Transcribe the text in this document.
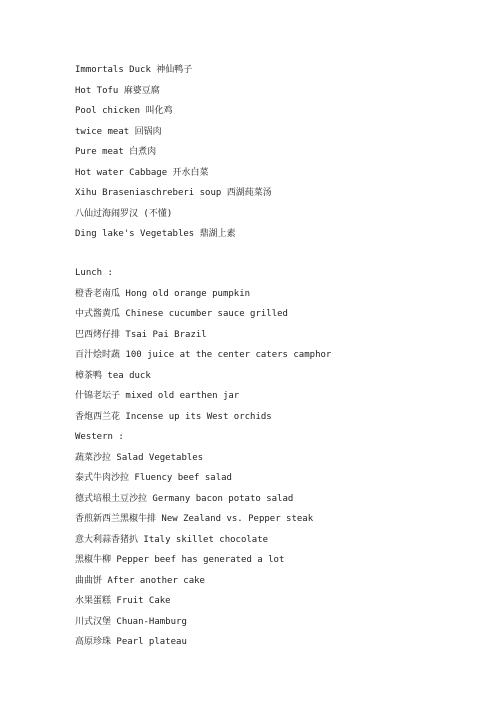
Immortals Duck 神仙鸭子
Hot Tofu 麻婆豆腐
Pool chicken 叫化鸡
twice meat 回锅肉
Pure meat 白煮肉
Hot water Cabbage 开水白菜
Xihu Braseniaschreberi soup 西湖莼菜汤
八仙过海闹罗汉 (不懂)
Ding lake's Vegetables 鼎湖上素
Lunch :
橙香老南瓜 Hong old orange pumpkin
中式酱黄瓜 Chinese cucumber sauce grilled
巴西烤仔排 Tsai Pai Brazil
百汁烩时蔬 100 juice at the center caters camphor
樟茶鸭 tea duck
什锦老坛子 mixed old earthen jar
香炮西兰花 Incense up its West orchids
Western :
蔬菜沙拉 Salad Vegetables
泰式牛肉沙拉 Fluency beef salad
德式培根土豆沙拉 Germany bacon potato salad
香煎新西兰黑椒牛排 New Zealand vs. Pepper steak
意大利蒜香猪扒 Italy skillet chocolate
黑椒牛柳 Pepper beef has generated a lot
曲曲饼 After another cake
水果蛋糕 Fruit Cake
川式汉堡 Chuan-Hamburg
高原珍珠 Pearl plateau
